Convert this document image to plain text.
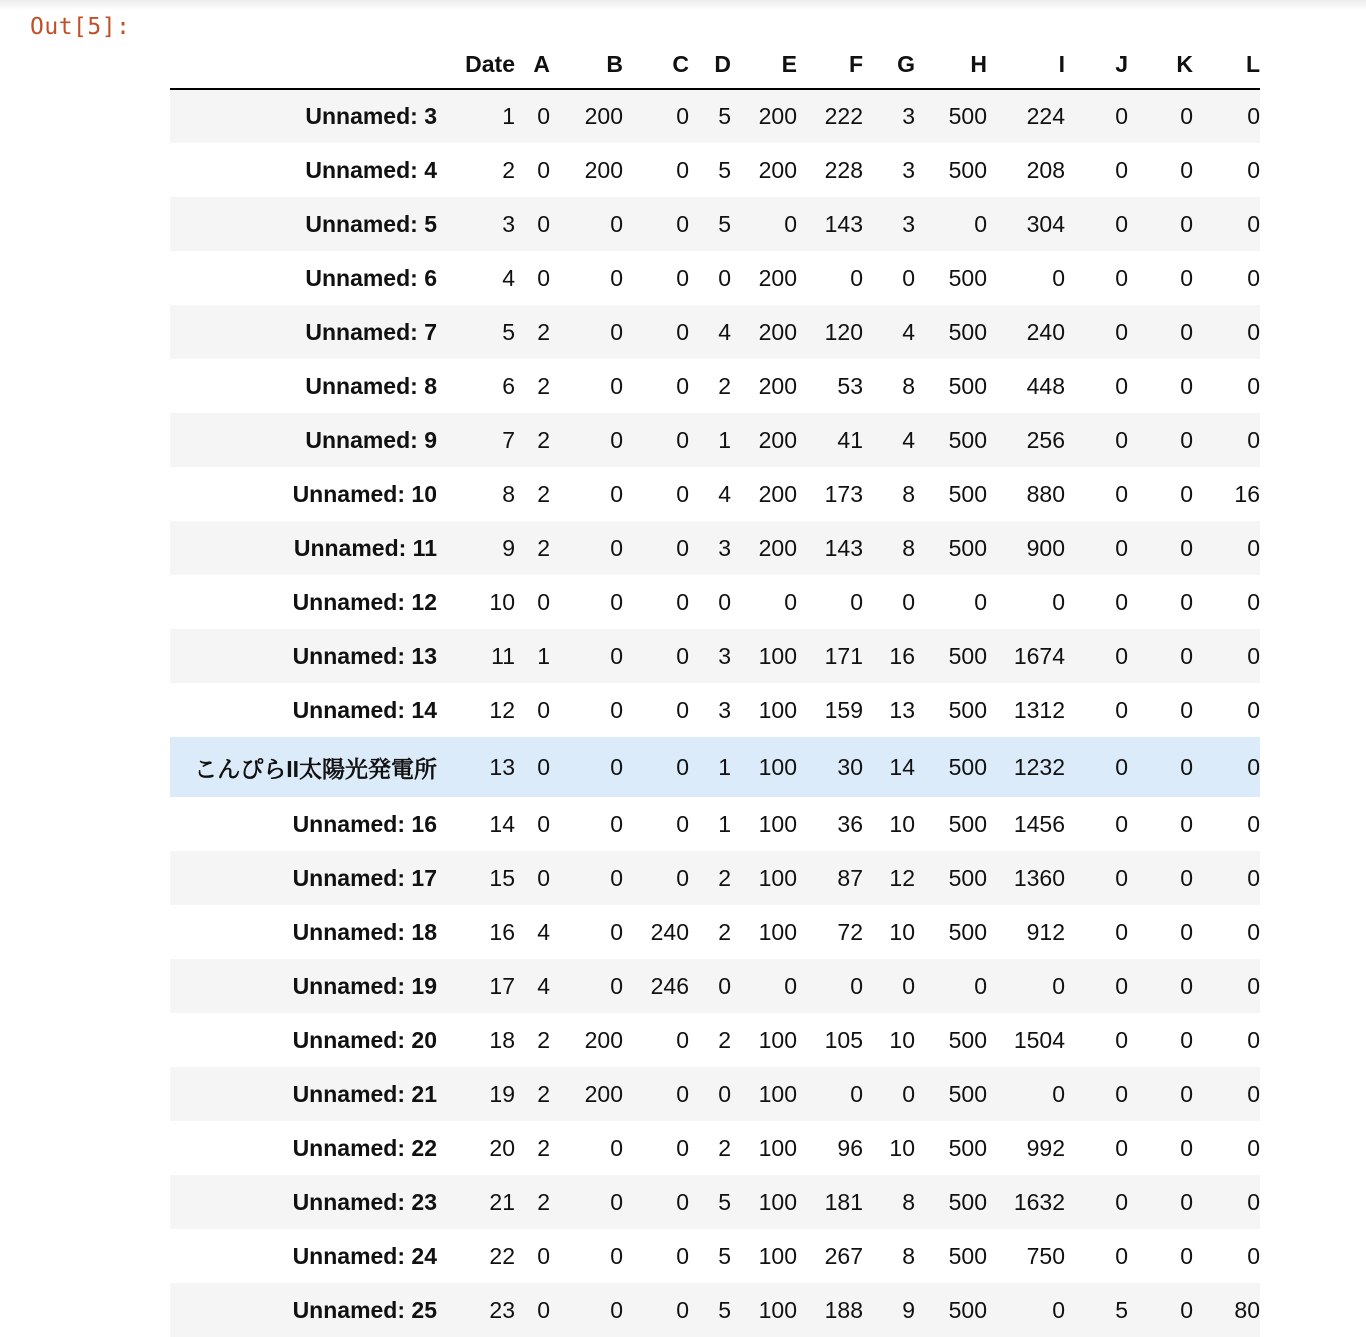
Out[5]:
	Date	A	B	C	D	E	F	G	H	I	J	K	L
Unnamed: 3	1	0	200	0	5	200	222	3	500	224	0	0	0
Unnamed: 4	2	0	200	0	5	200	228	3	500	208	0	0	0
Unnamed: 5	3	0	0	0	5	0	143	3	0	304	0	0	0
Unnamed: 6	4	0	0	0	0	200	0	0	500	0	0	0	0
Unnamed: 7	5	2	0	0	4	200	120	4	500	240	0	0	0
Unnamed: 8	6	2	0	0	2	200	53	8	500	448	0	0	0
Unnamed: 9	7	2	0	0	1	200	41	4	500	256	0	0	0
Unnamed: 10	8	2	0	0	4	200	173	8	500	880	0	0	16
Unnamed: 11	9	2	0	0	3	200	143	8	500	900	0	0	0
Unnamed: 12	10	0	0	0	0	0	0	0	0	0	0	0	0
Unnamed: 13	11	1	0	0	3	100	171	16	500	1674	0	0	0
Unnamed: 14	12	0	0	0	3	100	159	13	500	1312	0	0	0
こんぴらII太陽光発電所	13	0	0	0	1	100	30	14	500	1232	0	0	0
Unnamed: 16	14	0	0	0	1	100	36	10	500	1456	0	0	0
Unnamed: 17	15	0	0	0	2	100	87	12	500	1360	0	0	0
Unnamed: 18	16	4	0	240	2	100	72	10	500	912	0	0	0
Unnamed: 19	17	4	0	246	0	0	0	0	0	0	0	0	0
Unnamed: 20	18	2	200	0	2	100	105	10	500	1504	0	0	0
Unnamed: 21	19	2	200	0	0	100	0	0	500	0	0	0	0
Unnamed: 22	20	2	0	0	2	100	96	10	500	992	0	0	0
Unnamed: 23	21	2	0	0	5	100	181	8	500	1632	0	0	0
Unnamed: 24	22	0	0	0	5	100	267	8	500	750	0	0	0
Unnamed: 25	23	0	0	0	5	100	188	9	500	0	5	0	80
